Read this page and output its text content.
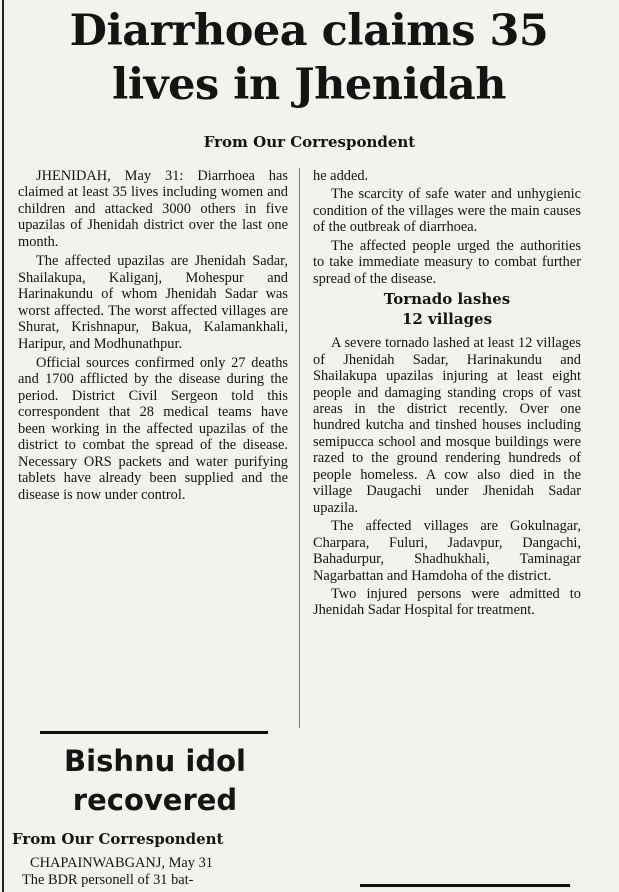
Diarrhoea claims 35
lives in Jhenidah
From Our Correspondent

JHENIDAH, May 31: Diarrhoea has claimed at least 35 lives including women and children and attacked 3000 others in five upazilas of Jhenidah district over the last one month.

The affected upazilas are Jhenidah Sadar, Shailakupa, Kaliganj, Mohespur and Harinakundu of whom Jhenidah Sadar was worst affected. The worst affected villages are Shurat, Krishnapur, Bakua, Kalamankhali, Haripur, and Modhunathpur.

Official sources confirmed only 27 deaths and 1700 afflicted by the disease during the period. District Civil Sergeon told this correspondent that 28 medical teams have been working in the affected upazilas of the district to combat the spread of the disease. Necessary ORS packets and water purifying tablets have already been supplied and the disease is now under control.

he added.

The scarcity of safe water and unhygienic condition of the villages were the main causes of the outbreak of diarrhoea.

The affected people urged the authorities to take immediate measury to combat further spread of the disease.

Tornado lashes
12 villages

A severe tornado lashed at least 12 villages of Jhenidah Sadar, Harinakundu and Shailakupa upazilas injuring at least eight people and damaging standing crops of vast areas in the district recently. Over one hundred kutcha and tinshed houses including semipucca school and mosque buildings were razed to the ground rendering hundreds of people homeless. A cow also died in the village Daugachi under Jhenidah Sadar upazila.

The affected villages are Gokulnagar, Charpara, Fuluri, Jadavpur, Dangachi, Bahadurpur, Shadhukhali, Taminagar Nagarbattan and Hamdoha of the district.

Two injured persons were admitted to Jhenidah Sadar Hospital for treatment.

Bishnu idol
recovered
From Our Correspondent
CHAPAINWABGANJ, May 31
The BDR personell of 31 bat-
